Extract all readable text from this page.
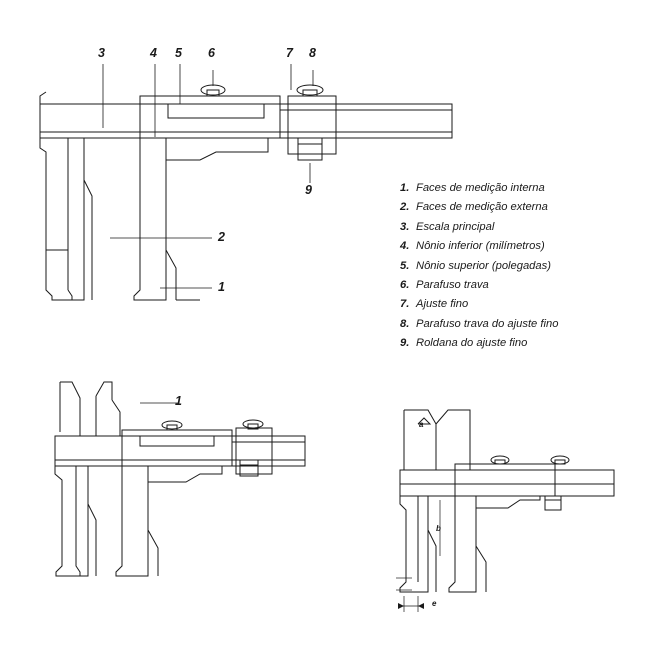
3	4 5 6	7 8
9
2
1
1
a
b
e
1. Faces de medição interna
2. Faces de medição externa
3. Escala principal
4. Nônio inferior (milímetros)
5. Nônio superior (polegadas)
6. Parafuso trava
7. Ajuste fino
8. Parafuso trava do ajuste fino
9. Roldana do ajuste fino
